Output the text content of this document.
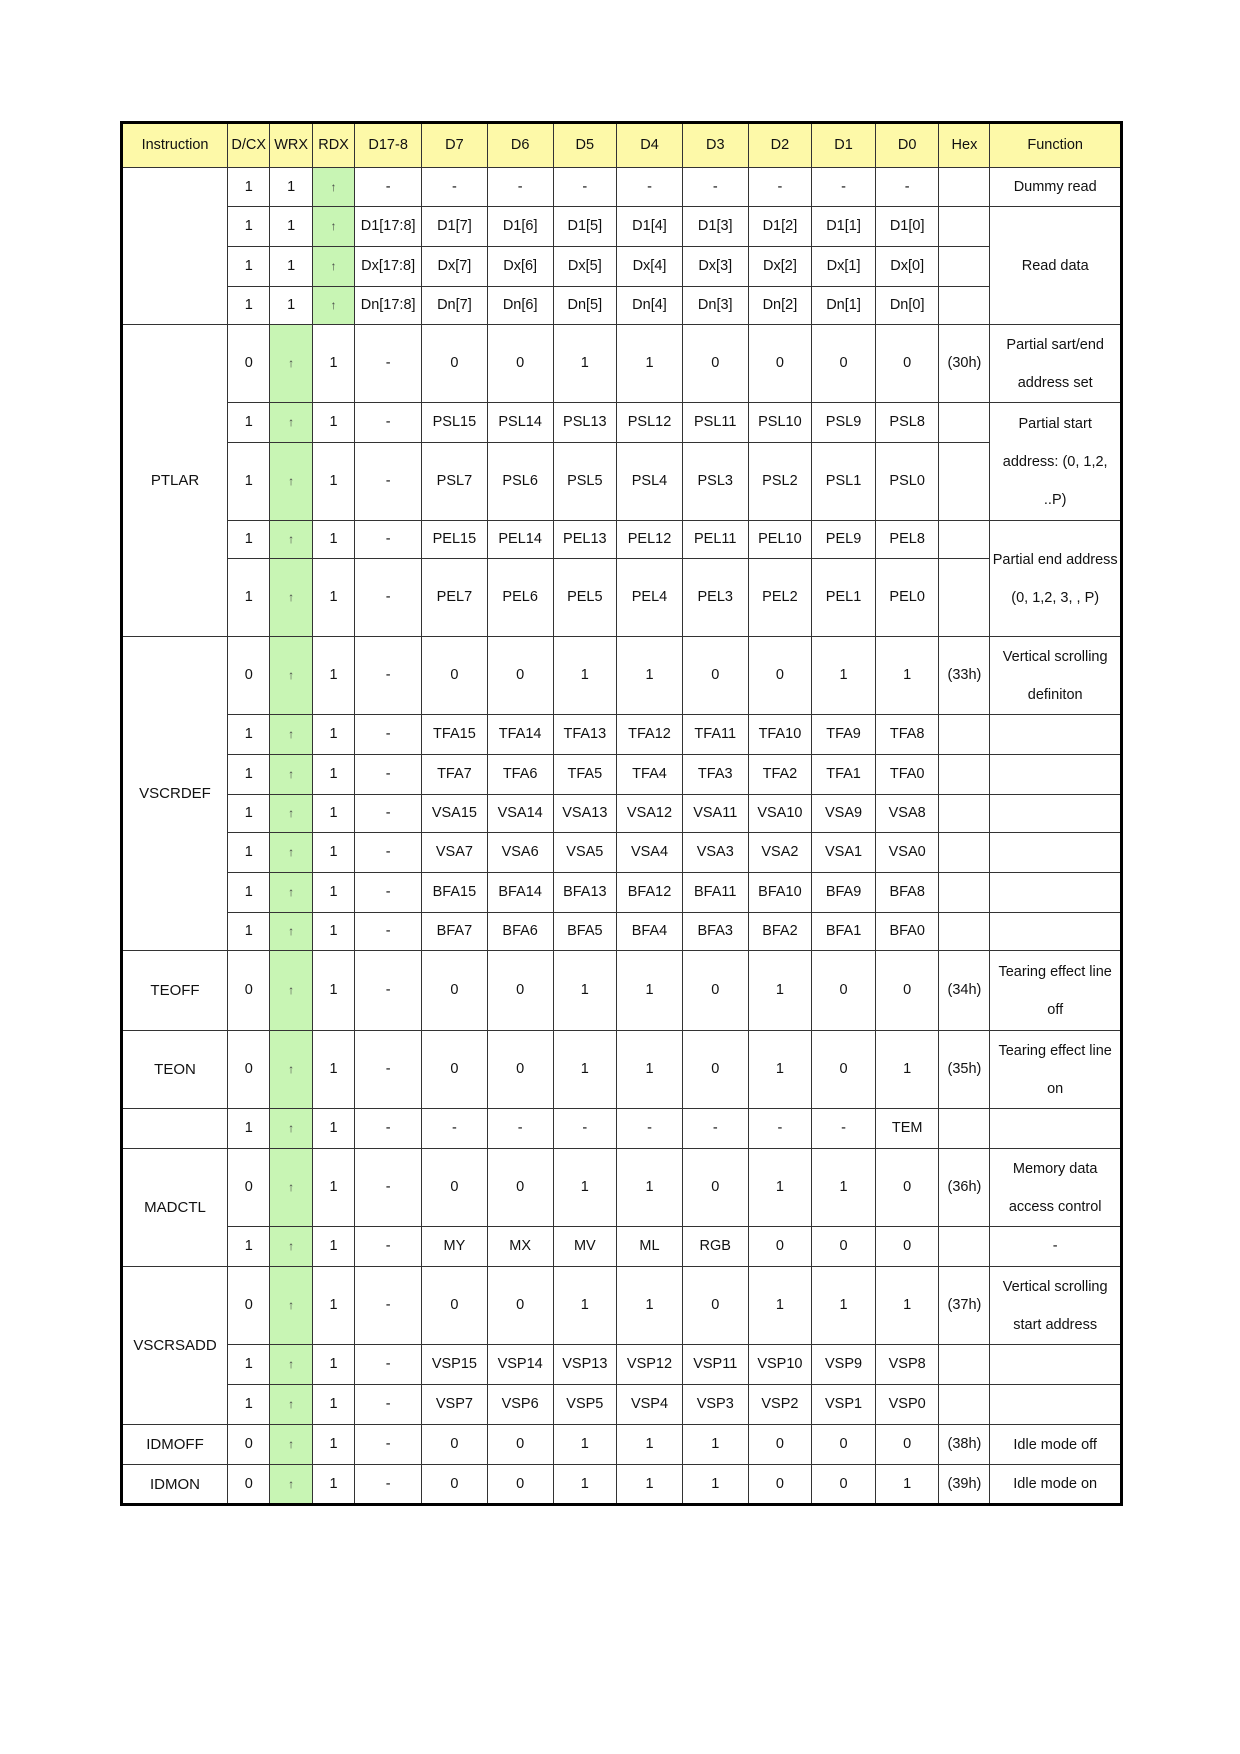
Instruction	D/CX	WRX	RDX	D17-8	D7	D6	D5	D4	D3	D2	D1	D0	Hex	Function
	1	1	↑	-	-	-	-	-	-	-	-	-		Dummy read
	1	1	↑	D1[17:8]	D1[7]	D1[6]	D1[5]	D1[4]	D1[3]	D1[2]	D1[1]	D1[0]		Read data
	1	1	↑	Dx[17:8]	Dx[7]	Dx[6]	Dx[5]	Dx[4]	Dx[3]	Dx[2]	Dx[1]	Dx[0]		
	1	1	↑	Dn[17:8]	Dn[7]	Dn[6]	Dn[5]	Dn[4]	Dn[3]	Dn[2]	Dn[1]	Dn[0]		
PTLAR	0	↑	1	-	0	0	1	1	0	0	0	0	(30h)	Partial sart/end address set
	1	↑	1	-	PSL15	PSL14	PSL13	PSL12	PSL11	PSL10	PSL9	PSL8		Partial start address: (0, 1,2, ..P)
	1	↑	1	-	PSL7	PSL6	PSL5	PSL4	PSL3	PSL2	PSL1	PSL0		
	1	↑	1	-	PEL15	PEL14	PEL13	PEL12	PEL11	PEL10	PEL9	PEL8		Partial end address (0, 1,2, 3, , P)
	1	↑	1	-	PEL7	PEL6	PEL5	PEL4	PEL3	PEL2	PEL1	PEL0		
VSCRDEF	0	↑	1	-	0	0	1	1	0	0	1	1	(33h)	Vertical scrolling definiton
	1	↑	1	-	TFA15	TFA14	TFA13	TFA12	TFA11	TFA10	TFA9	TFA8		
	1	↑	1	-	TFA7	TFA6	TFA5	TFA4	TFA3	TFA2	TFA1	TFA0		
	1	↑	1	-	VSA15	VSA14	VSA13	VSA12	VSA11	VSA10	VSA9	VSA8		
	1	↑	1	-	VSA7	VSA6	VSA5	VSA4	VSA3	VSA2	VSA1	VSA0		
	1	↑	1	-	BFA15	BFA14	BFA13	BFA12	BFA11	BFA10	BFA9	BFA8		
	1	↑	1	-	BFA7	BFA6	BFA5	BFA4	BFA3	BFA2	BFA1	BFA0		
TEOFF	0	↑	1	-	0	0	1	1	0	1	0	0	(34h)	Tearing effect line off
TEON	0	↑	1	-	0	0	1	1	0	1	0	1	(35h)	Tearing effect line on
	1	↑	1	-	-	-	-	-	-	-	-	TEM		
MADCTL	0	↑	1	-	0	0	1	1	0	1	1	0	(36h)	Memory data access control
	1	↑	1	-	MY	MX	MV	ML	RGB	0	0	0		-
VSCRSADD	0	↑	1	-	0	0	1	1	0	1	1	1	(37h)	Vertical scrolling start address
	1	↑	1	-	VSP15	VSP14	VSP13	VSP12	VSP11	VSP10	VSP9	VSP8		
	1	↑	1	-	VSP7	VSP6	VSP5	VSP4	VSP3	VSP2	VSP1	VSP0		
IDMOFF	0	↑	1	-	0	0	1	1	1	0	0	0	(38h)	Idle mode off
IDMON	0	↑	1	-	0	0	1	1	1	0	0	1	(39h)	Idle mode on
